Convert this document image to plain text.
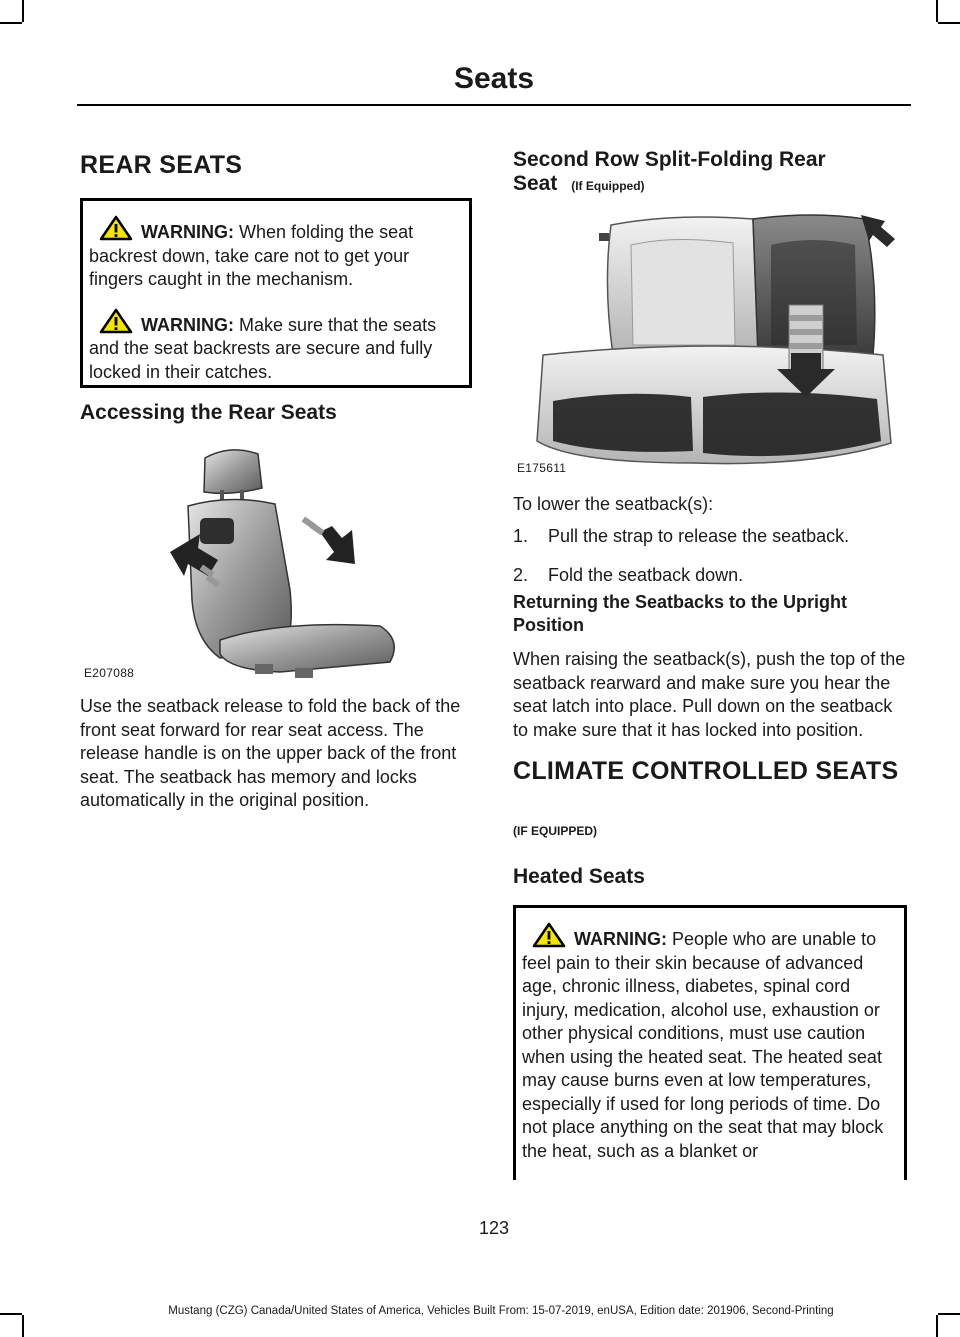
Seats
REAR SEATS

WARNING: When folding the seat backrest down, take care not to get your fingers caught in the mechanism.

WARNING: Make sure that the seats and the seat backrests are secure and fully locked in their catches.

Accessing the Rear Seats
E207088

Use the seatback release to fold the back of the front seat forward for rear seat access. The release handle is on the upper back of the front seat. The seatback has memory and locks automatically in the original position.

Second Row Split-Folding Rear
Seat (If Equipped)
E175611

To lower the seatback(s):

1.	Pull the strap to release the seatback.
2.	Fold the seatback down.
Returning the Seatbacks to the Upright Position

When raising the seatback(s), push the top of the seatback rearward and make sure you hear the seat latch into place. Pull down on the seatback to make sure that it has locked into position.

CLIMATE CONTROLLED SEATS
(IF EQUIPPED)
Heated Seats

WARNING: People who are unable to feel pain to their skin because of advanced age, chronic illness, diabetes, spinal cord injury, medication, alcohol use, exhaustion or other physical conditions, must use caution when using the heated seat. The heated seat may cause burns even at low temperatures, especially if used for long periods of time. Do not place anything on the seat that may block the heat, such as a blanket or

123
Mustang (CZG) Canada/United States of America, Vehicles Built From: 15-07-2019, enUSA, Edition date: 201906, Second-Printing
